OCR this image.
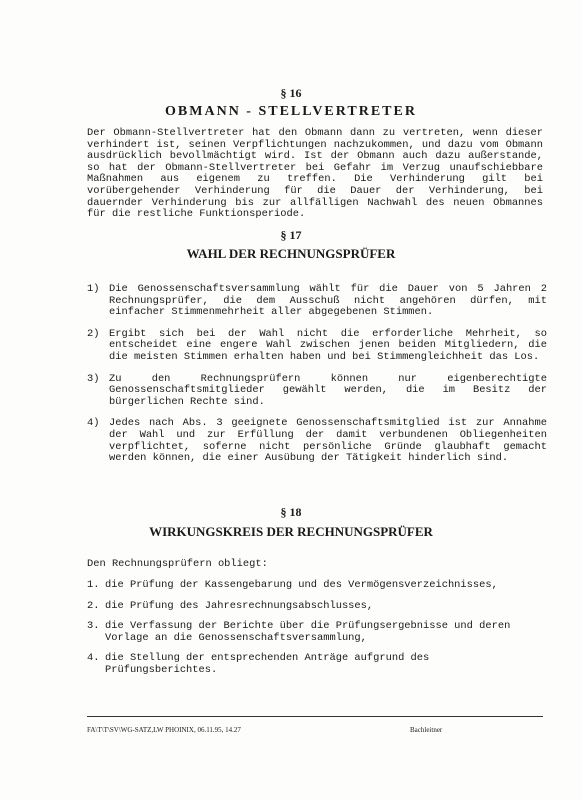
§ 16
OBMANN - STELLVERTRETER

Der Obmann-Stellvertreter hat den Obmann dann zu vertreten, wenn dieser verhindert ist, seinen Verpflichtungen nachzukommen, und dazu vom Obmann ausdrücklich bevollmächtigt wird. Ist der Obmann auch dazu außerstande, so hat der Obmann-Stellvertreter bei Gefahr im Verzug unaufschiebbare Maßnahmen aus eigenem zu treffen. Die Verhinderung gilt bei vorübergehender Verhinderung für die Dauer der Verhinderung, bei dauernder Verhinderung bis zur allfälligen Nachwahl des neuen Obmannes für die restliche Funktionsperiode.

§ 17
WAHL DER RECHNUNGSPRÜFER
1) Die Genossenschaftsversammlung wählt für die Dauer von 5 Jahren 2 Rechnungsprüfer, die dem Ausschuß nicht angehören dürfen, mit einfacher Stimmenmehrheit aller abgegebenen Stimmen.
2) Ergibt sich bei der Wahl nicht die erforderliche Mehrheit, so entscheidet eine engere Wahl zwischen jenen beiden Mitgliedern, die die meisten Stimmen erhalten haben und bei Stimmengleichheit das Los.
3) Zu den Rechnungsprüfern können nur eigenberechtigte Genossenschaftsmitglieder gewählt werden, die im Besitz der bürgerlichen Rechte sind.
4) Jedes nach Abs. 3 geeignete Genossenschaftsmitglied ist zur Annahme der Wahl und zur Erfüllung der damit verbundenen Obliegenheiten verpflichtet, soferne nicht persönliche Gründe glaubhaft gemacht werden können, die einer Ausübung der Tätigkeit hinderlich sind.
§ 18
WIRKUNGSKREIS DER RECHNUNGSPRÜFER
Den Rechnungsprüfern obliegt:
1. die Prüfung der Kassengebarung und des Vermögensverzeichnisses,
2. die Prüfung des Jahresrechnungsabschlusses,
3. die Verfassung der Berichte über die Prüfungsergebnisse und deren Vorlage an die Genossenschaftsversammlung,
4. die Stellung der entsprechenden Anträge aufgrund des Prüfungsberichtes.
FA\T\T\SV\WG-SATZ,LW PHOINIX, 06.11.95, 14.27	Bachleitner
